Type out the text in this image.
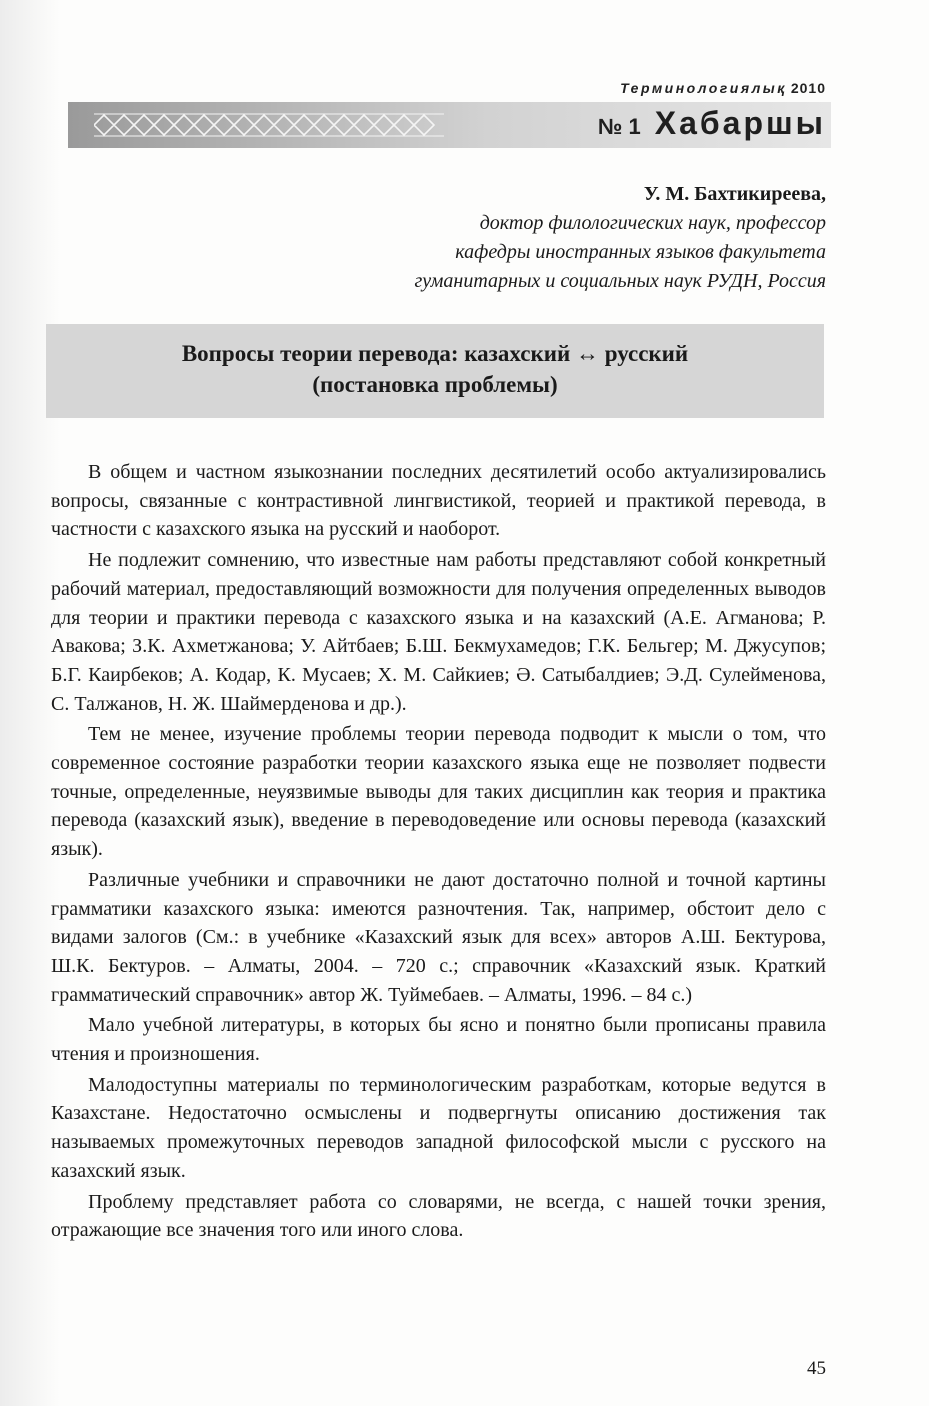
Терминологиялық 2010
№ 1 Хабаршы
У. М. Бахтикиреева,
доктор филологических наук, профессор
кафедры иностранных языков факультета
гуманитарных и социальных наук РУДН, Россия
Вопросы теории перевода: казахский ↔ русский
(постановка проблемы)

В общем и частном языкознании последних десятилетий особо актуализировались вопросы, связанные с контрастивной лингвистикой, теорией и практикой перевода, в частности с казахского языка на русский и наоборот.

Не подлежит сомнению, что известные нам работы представляют собой конкретный рабочий материал, предоставляющий возможности для получения определенных выводов для теории и практики перевода с казахского языка и на казахский (А.Е. Агманова; Р. Авакова; З.К. Ахметжанова; У. Айтбаев; Б.Ш. Бекмухамедов; Г.К. Бельгер; М. Джусупов; Б.Г. Каирбеков; А. Кодар, К. Мусаев; Х. М. Сайкиев; Ә. Сатыбалдиев; Э.Д. Сулейменова, С. Талжанов, Н. Ж. Шаймерденова и др.).

Тем не менее, изучение проблемы теории перевода подводит к мысли о том, что современное состояние разработки теории казахского языка еще не позволяет подвести точные, определенные, неуязвимые выводы для таких дисциплин как теория и практика перевода (казахский язык), введение в переводоведение или основы перевода (казахский язык).

Различные учебники и справочники не дают достаточно полной и точной картины грамматики казахского языка: имеются разночтения. Так, например, обстоит дело с видами залогов (См.: в учебнике «Казахский язык для всех» авторов А.Ш. Бектурова, Ш.К. Бектуров. – Алматы, 2004. – 720 с.; справочник «Казахский язык. Краткий грамматический справочник» автор Ж. Туймебаев. – Алматы, 1996. – 84 с.)

Мало учебной литературы, в которых бы ясно и понятно были прописаны правила чтения и произношения.

Малодоступны материалы по терминологическим разработкам, которые ведутся в Казахстане. Недостаточно осмыслены и подвергнуты описанию достижения так называемых промежуточных переводов западной философской мысли с русского на казахский язык.

Проблему представляет работа со словарями, не всегда, с нашей точки зрения, отражающие все значения того или иного слова.

45
